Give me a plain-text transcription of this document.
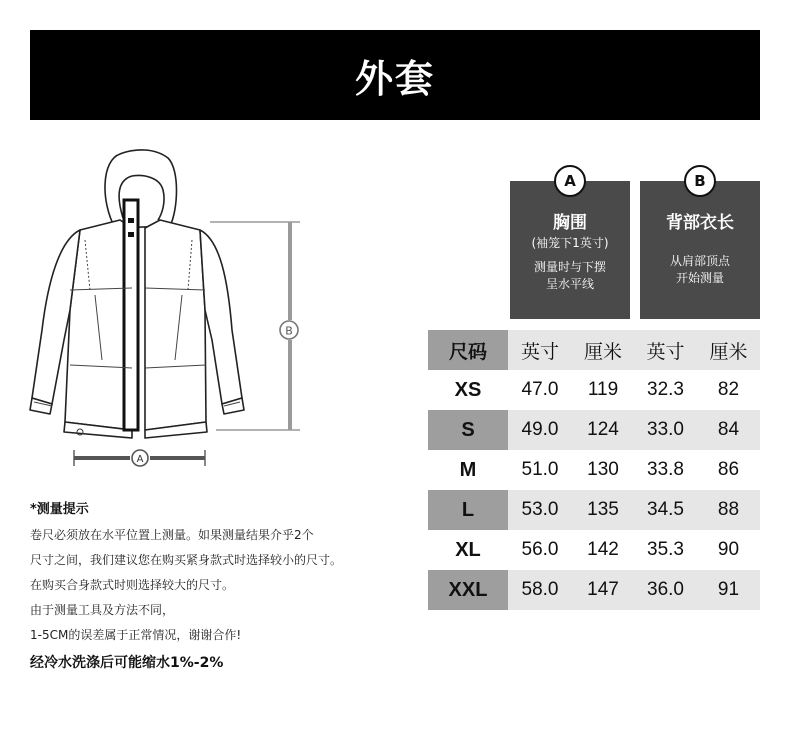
外套
B
A
A
胸围
(袖笼下1英寸)
测量时与下摆
呈水平线
B
背部衣长
从肩部顶点
开始测量
尺码	英寸	厘米	英寸	厘米
XS	47.0	119	32.3	82
S	49.0	124	33.0	84
M	51.0	130	33.8	86
L	53.0	135	34.5	88
XL	56.0	142	35.3	90
XXL	58.0	147	36.0	91
*测量提示
卷尺必须放在水平位置上测量。如果测量结果介乎2个
尺寸之间，我们建议您在购买紧身款式时选择较小的尺寸。
在购买合身款式时则选择较大的尺寸。
由于测量工具及方法不同，
1-5CM的误差属于正常情况，谢谢合作!
经冷水洗涤后可能缩水1%-2%
